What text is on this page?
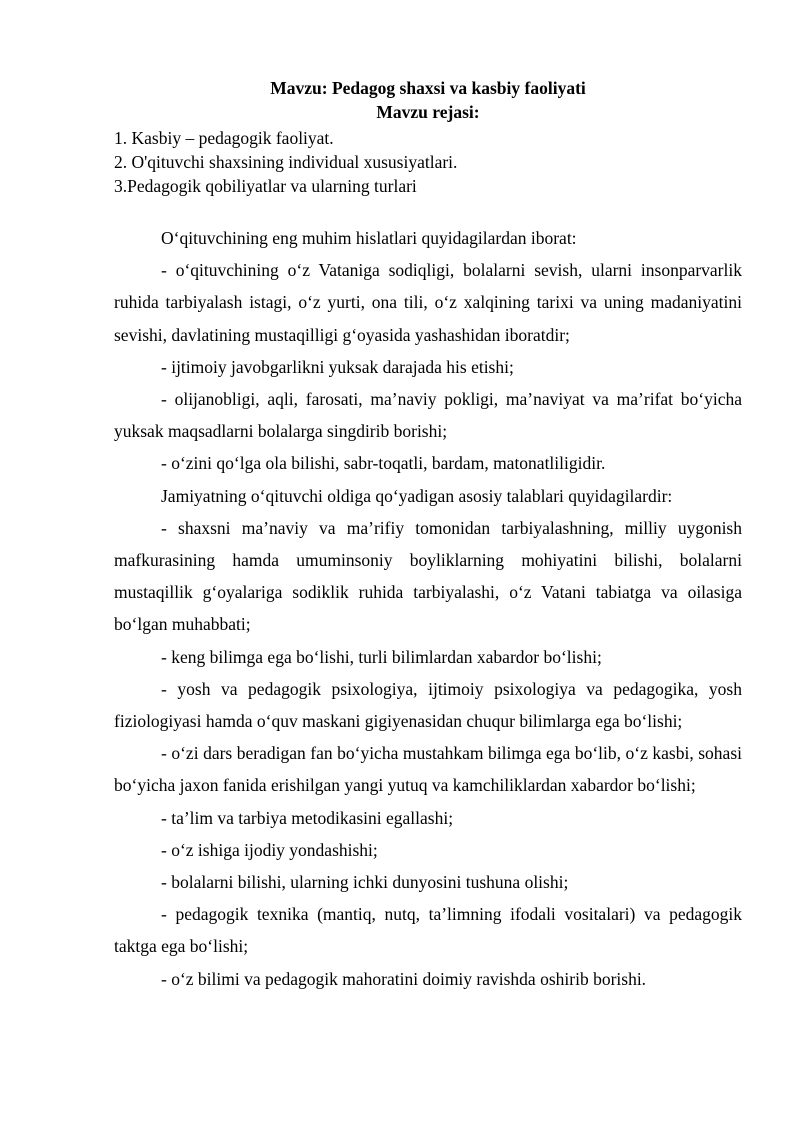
Mavzu: Pedagog shaxsi va kasbiy faoliyati

Mavzu rejasi:

1. Kasbiy – pedagogik faoliyat.
2. O'qituvchi shaxsining individual xususiyatlari.
3.Pedagogik qobiliyatlar va ularning turlari

O‘qituvchining eng muhim hislatlari quyidagilardan iborat:

- o‘qituvchining o‘z Vataniga sodiqligi, bolalarni sevish, ularni insonparvarlik ruhida tarbiyalash istagi, o‘z yurti, ona tili, o‘z xalqining tarixi va uning madaniyatini sevishi, davlatining mustaqilligi g‘oyasida yashashidan iboratdir;

- ijtimoiy javobgarlikni yuksak darajada his etishi;

- olijanobligi, aqli, farosati, ma’naviy pokligi, ma’naviyat va ma’rifat bo‘yicha yuksak maqsadlarni bolalarga singdirib borishi;

- o‘zini qo‘lga ola bilishi, sabr-toqatli, bardam, matonatliligidir.

Jamiyatning o‘qituvchi oldiga qo‘yadigan asosiy talablari quyidagilardir:

- shaxsni ma’naviy va ma’rifiy tomonidan tarbiyalashning, milliy uygonish mafkurasining hamda umuminsoniy boyliklarning mohiyatini bilishi, bolalarni mustaqillik g‘oyalariga sodiklik ruhida tarbiyalashi, o‘z Vatani tabiatga va oilasiga bo‘lgan muhabbati;

- keng bilimga ega bo‘lishi, turli bilimlardan xabardor bo‘lishi;

- yosh va pedagogik psixologiya, ijtimoiy psixologiya va pedagogika, yosh fiziologiyasi hamda o‘quv maskani gigiyenasidan chuqur bilimlarga ega bo‘lishi;

- o‘zi dars beradigan fan bo‘yicha mustahkam bilimga ega bo‘lib, o‘z kasbi, sohasi bo‘yicha jaxon fanida erishilgan yangi yutuq va kamchiliklardan xabardor bo‘lishi;

- ta’lim va tarbiya metodikasini egallashi;

- o‘z ishiga ijodiy yondashishi;

- bolalarni bilishi, ularning ichki dunyosini tushuna olishi;

- pedagogik texnika (mantiq, nutq, ta’limning ifodali vositalari) va pedagogik taktga ega bo‘lishi;

- o‘z bilimi va pedagogik mahoratini doimiy ravishda oshirib borishi.
